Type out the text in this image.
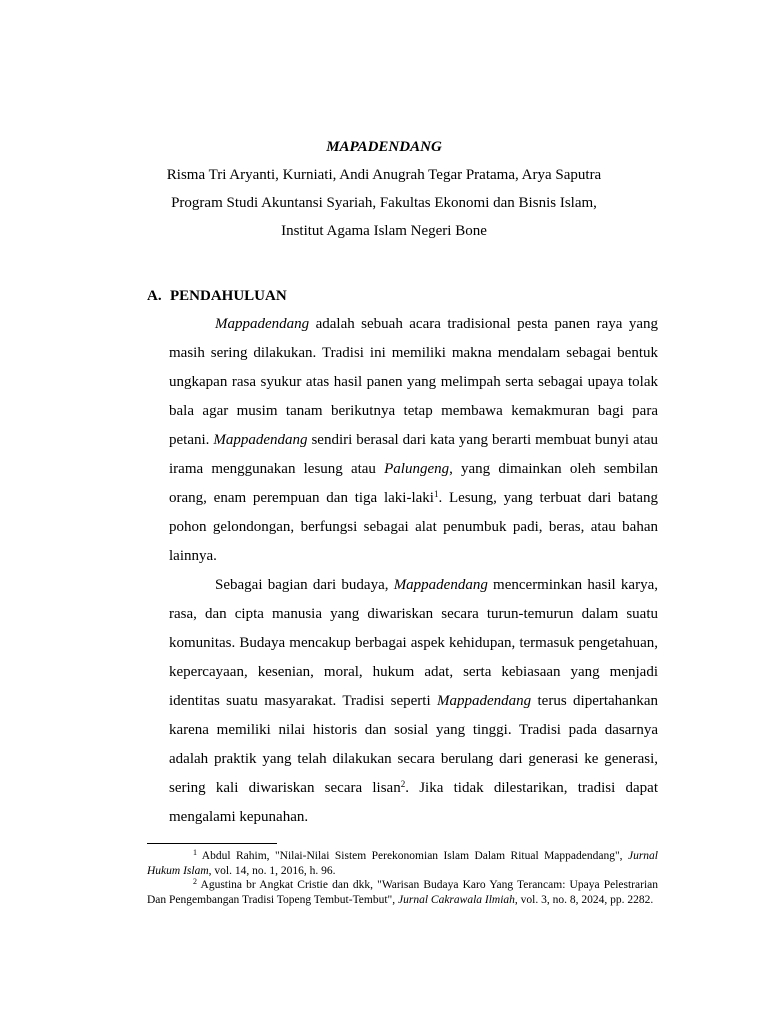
MAPADENDANG
Risma Tri Aryanti, Kurniati, Andi Anugrah Tegar Pratama, Arya Saputra
Program Studi Akuntansi Syariah, Fakultas Ekonomi dan Bisnis Islam,
Institut Agama Islam Negeri Bone
A. PENDAHULUAN

Mappadendang adalah sebuah acara tradisional pesta panen raya yang masih sering dilakukan. Tradisi ini memiliki makna mendalam sebagai bentuk ungkapan rasa syukur atas hasil panen yang melimpah serta sebagai upaya tolak bala agar musim tanam berikutnya tetap membawa kemakmuran bagi para petani. Mappadendang sendiri berasal dari kata yang berarti membuat bunyi atau irama menggunakan lesung atau Palungeng, yang dimainkan oleh sembilan orang, enam perempuan dan tiga laki-laki$^1$. Lesung, yang terbuat dari batang pohon gelondongan, berfungsi sebagai alat penumbuk padi, beras, atau bahan lainnya.

Sebagai bagian dari budaya, Mappadendang mencerminkan hasil karya, rasa, dan cipta manusia yang diwariskan secara turun-temurun dalam suatu komunitas. Budaya mencakup berbagai aspek kehidupan, termasuk pengetahuan, kepercayaan, kesenian, moral, hukum adat, serta kebiasaan yang menjadi identitas suatu masyarakat. Tradisi seperti Mappadendang terus dipertahankan karena memiliki nilai historis dan sosial yang tinggi. Tradisi pada dasarnya adalah praktik yang telah dilakukan secara berulang dari generasi ke generasi, sering kali diwariskan secara lisan$^2$. Jika tidak dilestarikan, tradisi dapat mengalami kepunahan.

$^1$ Abdul Rahim, "Nilai-Nilai Sistem Perekonomian Islam Dalam Ritual Mappadendang", Jurnal Hukum Islam, vol. 14, no. 1, 2016, h. 96.

$^2$ Agustina br Angkat Cristie dan dkk, "Warisan Budaya Karo Yang Terancam: Upaya Pelestrarian Dan Pengembangan Tradisi Topeng Tembut-Tembut", Jurnal Cakrawala Ilmiah, vol. 3, no. 8, 2024, pp. 2282.
